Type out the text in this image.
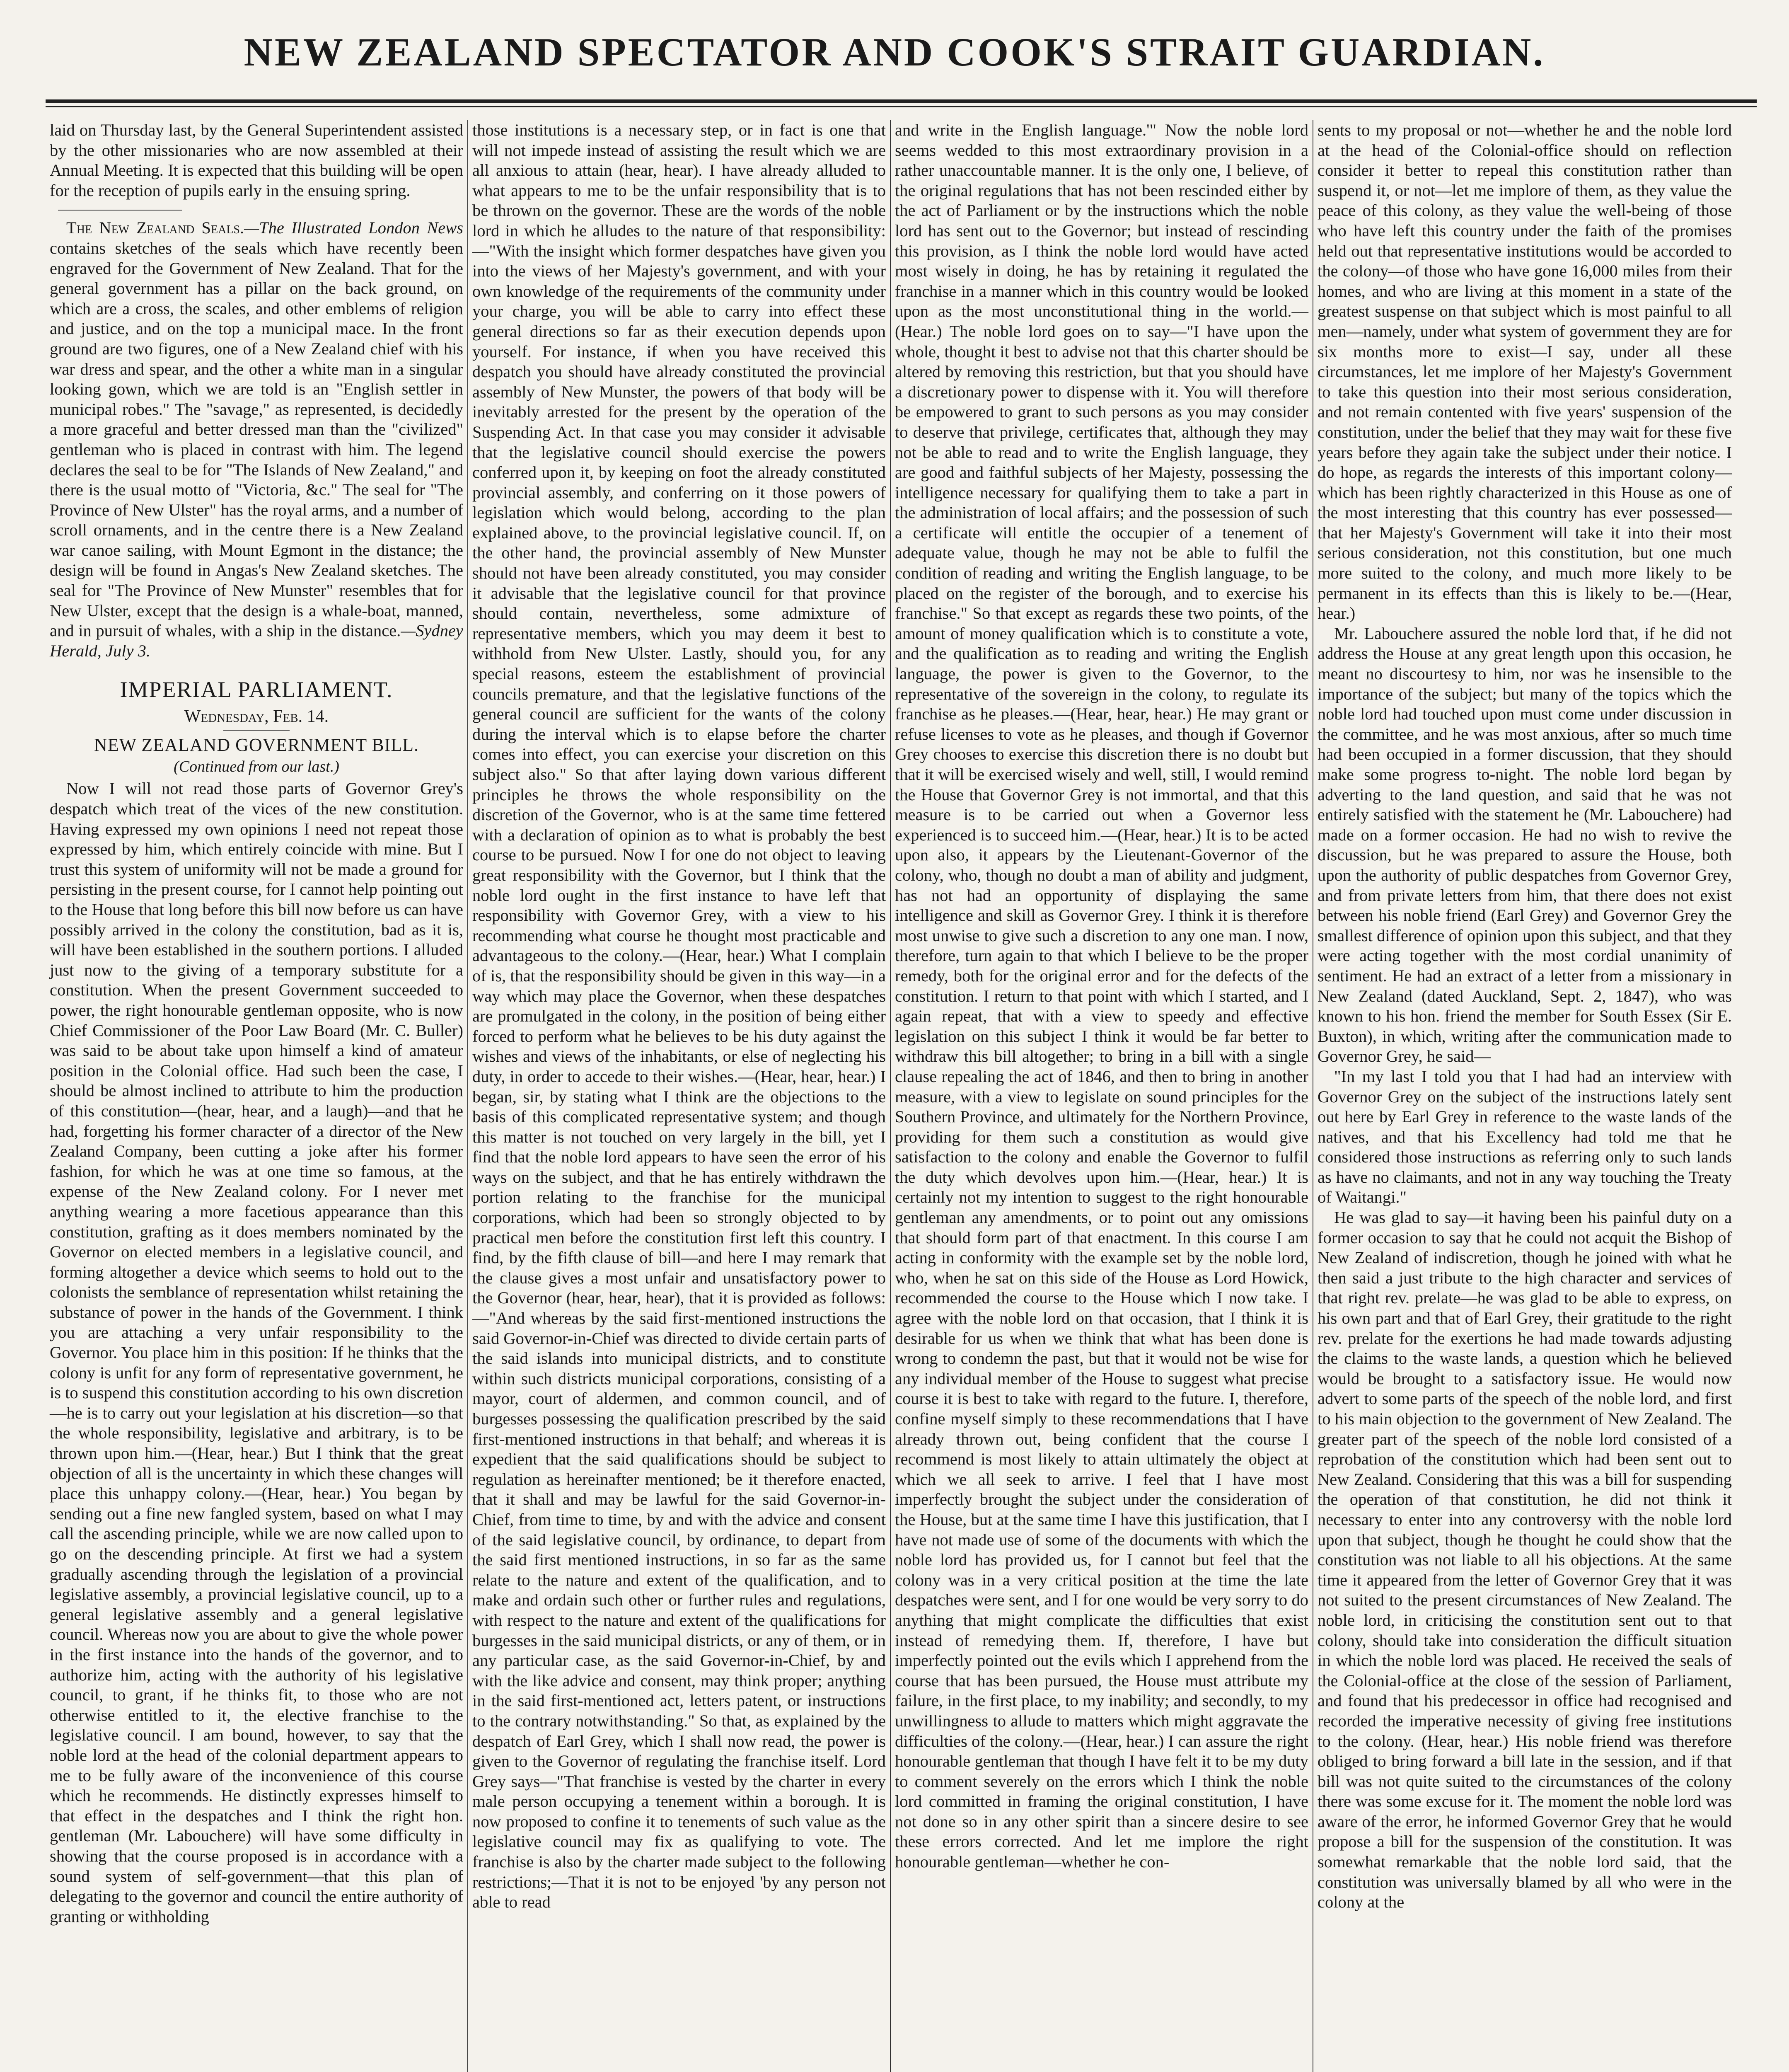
NEW ZEALAND SPECTATOR AND COOK'S STRAIT GUARDIAN.

laid on Thursday last, by the General Superintendent assisted by the other missionaries who are now assembled at their Annual Meeting. It is expected that this building will be open for the reception of pupils early in the ensuing spring.

The New Zealand Seals.—The Illustrated London News contains sketches of the seals which have recently been engraved for the Government of New Zealand. That for the general government has a pillar on the back ground, on which are a cross, the scales, and other emblems of religion and justice, and on the top a municipal mace. In the front ground are two figures, one of a New Zealand chief with his war dress and spear, and the other a white man in a singular looking gown, which we are told is an "English settler in municipal robes." The "savage," as represented, is decidedly a more graceful and better dressed man than the "civilized" gentleman who is placed in contrast with him. The legend declares the seal to be for "The Islands of New Zealand," and there is the usual motto of "Victoria, &c." The seal for "The Province of New Ulster" has the royal arms, and a number of scroll ornaments, and in the centre there is a New Zealand war canoe sailing, with Mount Egmont in the distance; the design will be found in Angas's New Zealand sketches. The seal for "The Province of New Munster" resembles that for New Ulster, except that the design is a whale-boat, manned, and in pursuit of whales, with a ship in the distance.—Sydney Herald, July 3.

IMPERIAL PARLIAMENT.
Wednesday, Feb. 14.
NEW ZEALAND GOVERNMENT BILL.
(Continued from our last.)

Now I will not read those parts of Governor Grey's despatch which treat of the vices of the new constitution. Having expressed my own opinions I need not repeat those expressed by him, which entirely coincide with mine. But I trust this system of uniformity will not be made a ground for persisting in the present course, for I cannot help pointing out to the House that long before this bill now before us can have possibly arrived in the colony the constitution, bad as it is, will have been established in the southern portions. I alluded just now to the giving of a temporary substitute for a constitution. When the present Government succeeded to power, the right honourable gentleman opposite, who is now Chief Commissioner of the Poor Law Board (Mr. C. Buller) was said to be about take upon himself a kind of amateur position in the Colonial office. Had such been the case, I should be almost inclined to attribute to him the production of this constitution—(hear, hear, and a laugh)—and that he had, forgetting his former character of a director of the New Zealand Company, been cutting a joke after his former fashion, for which he was at one time so famous, at the expense of the New Zealand colony. For I never met anything wearing a more facetious appearance than this constitution, grafting as it does members nominated by the Governor on elected members in a legislative council, and forming altogether a device which seems to hold out to the colonists the semblance of representation whilst retaining the substance of power in the hands of the Government. I think you are attaching a very unfair responsibility to the Governor. You place him in this position: If he thinks that the colony is unfit for any form of representative government, he is to suspend this constitution according to his own discretion—he is to carry out your legislation at his discretion—so that the whole responsibility, legislative and arbitrary, is to be thrown upon him.—(Hear, hear.) But I think that the great objection of all is the uncertainty in which these changes will place this unhappy colony.—(Hear, hear.) You began by sending out a fine new fangled system, based on what I may call the ascending principle, while we are now called upon to go on the descending principle. At first we had a system gradually ascending through the legislation of a provincial legislative assembly, a provincial legislative council, up to a general legislative assembly and a general legislative council. Whereas now you are about to give the whole power in the first instance into the hands of the governor, and to authorize him, acting with the authority of his legislative council, to grant, if he thinks fit, to those who are not otherwise entitled to it, the elective franchise to the legislative council. I am bound, however, to say that the noble lord at the head of the colonial department appears to me to be fully aware of the inconvenience of this course which he recommends. He distinctly expresses himself to that effect in the despatches and I think the right hon. gentleman (Mr. Labouchere) will have some difficulty in showing that the course proposed is in accordance with a sound system of self-government—that this plan of delegating to the governor and council the entire authority of granting or withholding

those institutions is a necessary step, or in fact is one that will not impede instead of assisting the result which we are all anxious to attain (hear, hear). I have already alluded to what appears to me to be the unfair responsibility that is to be thrown on the governor. These are the words of the noble lord in which he alludes to the nature of that responsibility:—"With the insight which former despatches have given you into the views of her Majesty's government, and with your own knowledge of the requirements of the community under your charge, you will be able to carry into effect these general directions so far as their execution depends upon yourself. For instance, if when you have received this despatch you should have already constituted the provincial assembly of New Munster, the powers of that body will be inevitably arrested for the present by the operation of the Suspending Act. In that case you may consider it advisable that the legislative council should exercise the powers conferred upon it, by keeping on foot the already constituted provincial assembly, and conferring on it those powers of legislation which would belong, according to the plan explained above, to the provincial legislative council. If, on the other hand, the provincial assembly of New Munster should not have been already constituted, you may consider it advisable that the legislative council for that province should contain, nevertheless, some admixture of representative members, which you may deem it best to withhold from New Ulster. Lastly, should you, for any special reasons, esteem the establishment of provincial councils premature, and that the legislative functions of the general council are sufficient for the wants of the colony during the interval which is to elapse before the charter comes into effect, you can exercise your discretion on this subject also." So that after laying down various different principles he throws the whole responsibility on the discretion of the Governor, who is at the same time fettered with a declaration of opinion as to what is probably the best course to be pursued. Now I for one do not object to leaving great responsibility with the Governor, but I think that the noble lord ought in the first instance to have left that responsibility with Governor Grey, with a view to his recommending what course he thought most practicable and advantageous to the colony.—(Hear, hear.) What I complain of is, that the responsibility should be given in this way—in a way which may place the Governor, when these despatches are promulgated in the colony, in the position of being either forced to perform what he believes to be his duty against the wishes and views of the inhabitants, or else of neglecting his duty, in order to accede to their wishes.—(Hear, hear, hear.) I began, sir, by stating what I think are the objections to the basis of this complicated representative system; and though this matter is not touched on very largely in the bill, yet I find that the noble lord appears to have seen the error of his ways on the subject, and that he has entirely withdrawn the portion relating to the franchise for the municipal corporations, which had been so strongly objected to by practical men before the constitution first left this country. I find, by the fifth clause of bill—and here I may remark that the clause gives a most unfair and unsatisfactory power to the Governor (hear, hear, hear), that it is provided as follows:—"And whereas by the said first-mentioned instructions the said Governor-in-Chief was directed to divide certain parts of the said islands into municipal districts, and to constitute within such districts municipal corporations, consisting of a mayor, court of aldermen, and common council, and of burgesses possessing the qualification prescribed by the said first-mentioned instructions in that behalf; and whereas it is expedient that the said qualifications should be subject to regulation as hereinafter mentioned; be it therefore enacted, that it shall and may be lawful for the said Governor-in-Chief, from time to time, by and with the advice and consent of the said legislative council, by ordinance, to depart from the said first mentioned instructions, in so far as the same relate to the nature and extent of the qualification, and to make and ordain such other or further rules and regulations, with respect to the nature and extent of the qualifications for burgesses in the said municipal districts, or any of them, or in any particular case, as the said Governor-in-Chief, by and with the like advice and consent, may think proper; anything in the said first-mentioned act, letters patent, or instructions to the contrary notwithstanding." So that, as explained by the despatch of Earl Grey, which I shall now read, the power is given to the Governor of regulating the franchise itself. Lord Grey says—"That franchise is vested by the charter in every male person occupying a tenement within a borough. It is now proposed to confine it to tenements of such value as the legislative council may fix as qualifying to vote. The franchise is also by the charter made subject to the following restrictions;—That it is not to be enjoyed 'by any person not able to read

and write in the English language.'" Now the noble lord seems wedded to this most extraordinary provision in a rather unaccountable manner. It is the only one, I believe, of the original regulations that has not been rescinded either by the act of Parliament or by the instructions which the noble lord has sent out to the Governor; but instead of rescinding this provision, as I think the noble lord would have acted most wisely in doing, he has by retaining it regulated the franchise in a manner which in this country would be looked upon as the most unconstitutional thing in the world.—(Hear.) The noble lord goes on to say—"I have upon the whole, thought it best to advise not that this charter should be altered by removing this restriction, but that you should have a discretionary power to dispense with it. You will therefore be empowered to grant to such persons as you may consider to deserve that privilege, certificates that, although they may not be able to read and to write the English language, they are good and faithful subjects of her Majesty, possessing the intelligence necessary for qualifying them to take a part in the administration of local affairs; and the possession of such a certificate will entitle the occupier of a tenement of adequate value, though he may not be able to fulfil the condition of reading and writing the English language, to be placed on the register of the borough, and to exercise his franchise." So that except as regards these two points, of the amount of money qualification which is to constitute a vote, and the qualification as to reading and writing the English language, the power is given to the Governor, to the representative of the sovereign in the colony, to regulate its franchise as he pleases.—(Hear, hear, hear.) He may grant or refuse licenses to vote as he pleases, and though if Governor Grey chooses to exercise this discretion there is no doubt but that it will be exercised wisely and well, still, I would remind the House that Governor Grey is not immortal, and that this measure is to be carried out when a Governor less experienced is to succeed him.—(Hear, hear.) It is to be acted upon also, it appears by the Lieutenant-Governor of the colony, who, though no doubt a man of ability and judgment, has not had an opportunity of displaying the same intelligence and skill as Governor Grey. I think it is therefore most unwise to give such a discretion to any one man. I now, therefore, turn again to that which I believe to be the proper remedy, both for the original error and for the defects of the constitution. I return to that point with which I started, and I again repeat, that with a view to speedy and effective legislation on this subject I think it would be far better to withdraw this bill altogether; to bring in a bill with a single clause repealing the act of 1846, and then to bring in another measure, with a view to legislate on sound principles for the Southern Province, and ultimately for the Northern Province, providing for them such a constitution as would give satisfaction to the colony and enable the Governor to fulfil the duty which devolves upon him.—(Hear, hear.) It is certainly not my intention to suggest to the right honourable gentleman any amendments, or to point out any omissions that should form part of that enactment. In this course I am acting in conformity with the example set by the noble lord, who, when he sat on this side of the House as Lord Howick, recommended the course to the House which I now take. I agree with the noble lord on that occasion, that I think it is desirable for us when we think that what has been done is wrong to condemn the past, but that it would not be wise for any individual member of the House to suggest what precise course it is best to take with regard to the future. I, therefore, confine myself simply to these recommendations that I have already thrown out, being confident that the course I recommend is most likely to attain ultimately the object at which we all seek to arrive. I feel that I have most imperfectly brought the subject under the consideration of the House, but at the same time I have this justification, that I have not made use of some of the documents with which the noble lord has provided us, for I cannot but feel that the colony was in a very critical position at the time the late despatches were sent, and I for one would be very sorry to do anything that might complicate the difficulties that exist instead of remedying them. If, therefore, I have but imperfectly pointed out the evils which I apprehend from the course that has been pursued, the House must attribute my failure, in the first place, to my inability; and secondly, to my unwillingness to allude to matters which might aggravate the difficulties of the colony.—(Hear, hear.) I can assure the right honourable gentleman that though I have felt it to be my duty to comment severely on the errors which I think the noble lord committed in framing the original constitution, I have not done so in any other spirit than a sincere desire to see these errors corrected. And let me implore the right honourable gentleman—whether he con-

sents to my proposal or not—whether he and the noble lord at the head of the Colonial-office should on reflection consider it better to repeal this constitution rather than suspend it, or not—let me implore of them, as they value the peace of this colony, as they value the well-being of those who have left this country under the faith of the promises held out that representative institutions would be accorded to the colony—of those who have gone 16,000 miles from their homes, and who are living at this moment in a state of the greatest suspense on that subject which is most painful to all men—namely, under what system of government they are for six months more to exist—I say, under all these circumstances, let me implore of her Majesty's Government to take this question into their most serious consideration, and not remain contented with five years' suspension of the constitution, under the belief that they may wait for these five years before they again take the subject under their notice. I do hope, as regards the interests of this important colony—which has been rightly characterized in this House as one of the most interesting that this country has ever possessed—that her Majesty's Government will take it into their most serious consideration, not this constitution, but one much more suited to the colony, and much more likely to be permanent in its effects than this is likely to be.—(Hear, hear.)

Mr. Labouchere assured the noble lord that, if he did not address the House at any great length upon this occasion, he meant no discourtesy to him, nor was he insensible to the importance of the subject; but many of the topics which the noble lord had touched upon must come under discussion in the committee, and he was most anxious, after so much time had been occupied in a former discussion, that they should make some progress to-night. The noble lord began by adverting to the land question, and said that he was not entirely satisfied with the statement he (Mr. Labouchere) had made on a former occasion. He had no wish to revive the discussion, but he was prepared to assure the House, both upon the authority of public despatches from Governor Grey, and from private letters from him, that there does not exist between his noble friend (Earl Grey) and Governor Grey the smallest difference of opinion upon this subject, and that they were acting together with the most cordial unanimity of sentiment. He had an extract of a letter from a missionary in New Zealand (dated Auckland, Sept. 2, 1847), who was known to his hon. friend the member for South Essex (Sir E. Buxton), in which, writing after the communication made to Governor Grey, he said—

"In my last I told you that I had had an interview with Governor Grey on the subject of the instructions lately sent out here by Earl Grey in reference to the waste lands of the natives, and that his Excellency had told me that he considered those instructions as referring only to such lands as have no claimants, and not in any way touching the Treaty of Waitangi."

He was glad to say—it having been his painful duty on a former occasion to say that he could not acquit the Bishop of New Zealand of indiscretion, though he joined with what he then said a just tribute to the high character and services of that right rev. prelate—he was glad to be able to express, on his own part and that of Earl Grey, their gratitude to the right rev. prelate for the exertions he had made towards adjusting the claims to the waste lands, a question which he believed would be brought to a satisfactory issue. He would now advert to some parts of the speech of the noble lord, and first to his main objection to the government of New Zealand. The greater part of the speech of the noble lord consisted of a reprobation of the constitution which had been sent out to New Zealand. Considering that this was a bill for suspending the operation of that constitution, he did not think it necessary to enter into any controversy with the noble lord upon that subject, though he thought he could show that the constitution was not liable to all his objections. At the same time it appeared from the letter of Governor Grey that it was not suited to the present circumstances of New Zealand. The noble lord, in criticising the constitution sent out to that colony, should take into consideration the difficult situation in which the noble lord was placed. He received the seals of the Colonial-office at the close of the session of Parliament, and found that his predecessor in office had recognised and recorded the imperative necessity of giving free institutions to the colony. (Hear, hear.) His noble friend was therefore obliged to bring forward a bill late in the session, and if that bill was not quite suited to the circumstances of the colony there was some excuse for it. The moment the noble lord was aware of the error, he informed Governor Grey that he would propose a bill for the suspension of the constitution. It was somewhat remarkable that the noble lord said, that the constitution was universally blamed by all who were in the colony at the
